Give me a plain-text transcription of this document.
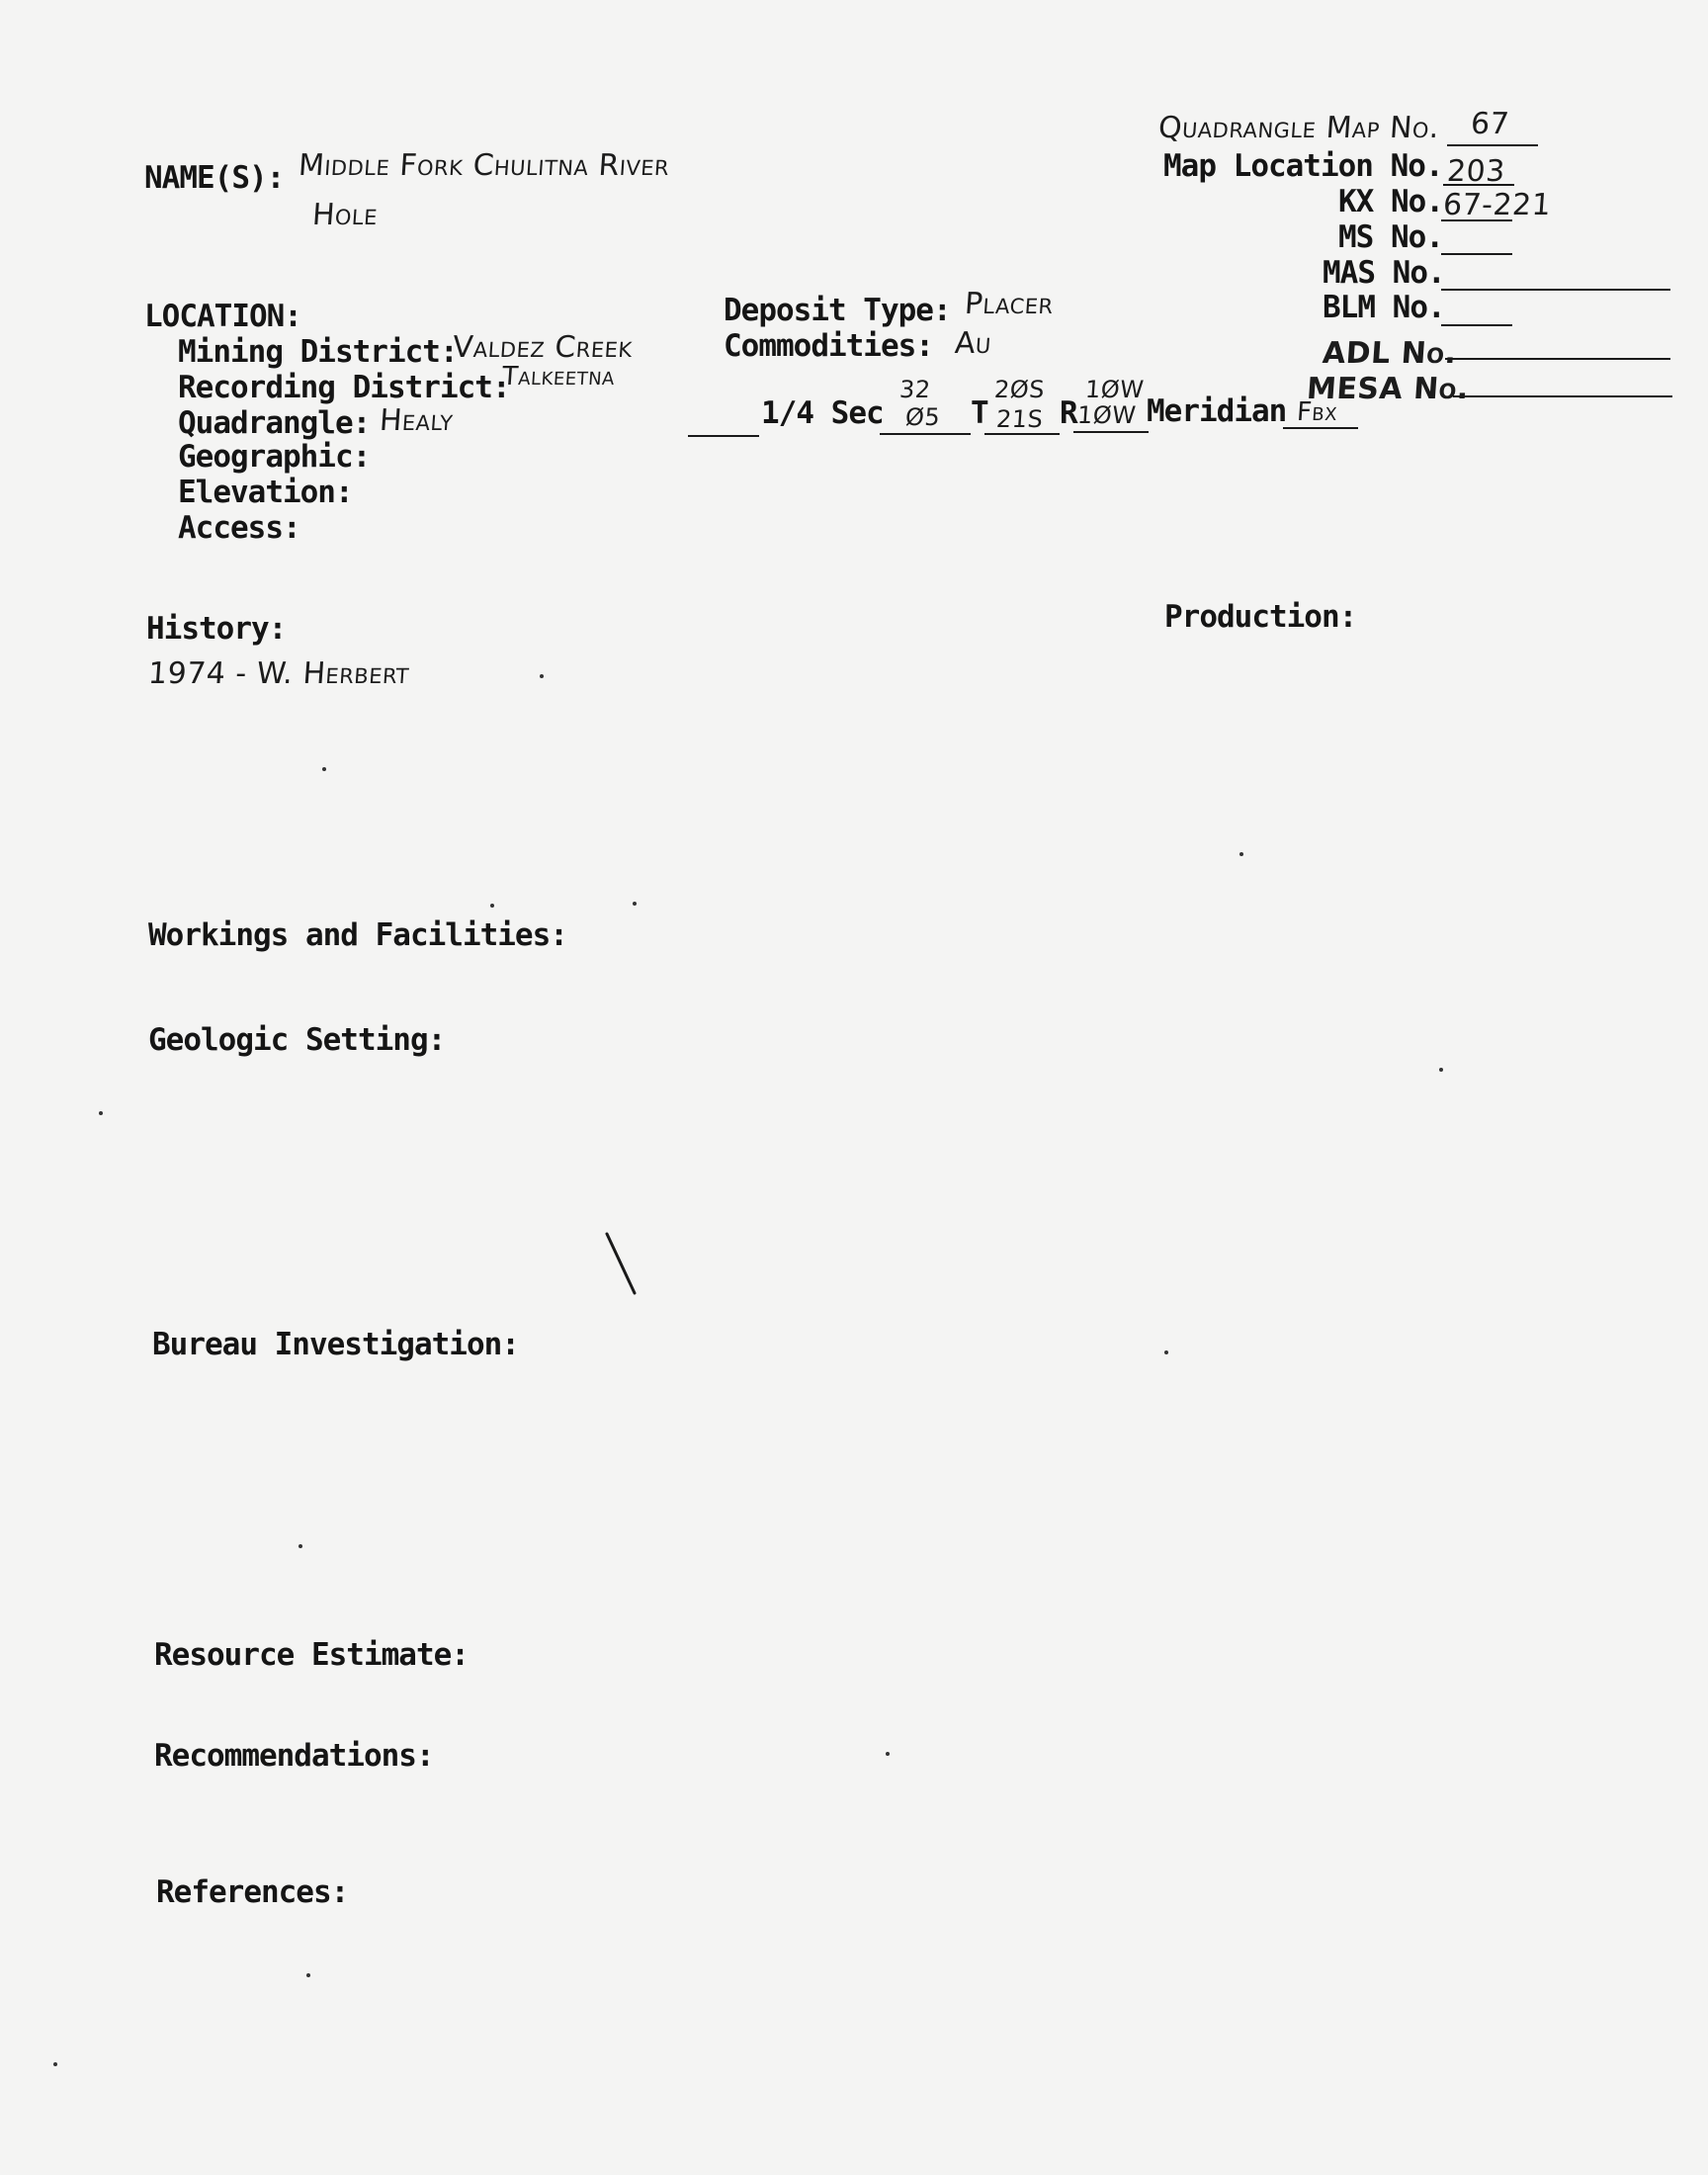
Quadrangle Map No. 67
Map Location No. 203
KX No.
67-221
MS No.
MAS No.
BLM No.
ADL No.
MESA No.
NAME(S): Middle Fork Chulitna River
Hole
LOCATION:
Mining District:
Valdez Creek
Recording District:
Talkeetna
Quadrangle: Healy
Geographic:
Elevation:
Access:
Deposit Type: Placer
Commodities: Au
1/4 Sec
32
Ø5 T
2ØS
21S R
1ØW
1ØW Meridian Fbx
History:
1974 - W. Herbert
Production:
Workings and Facilities:
Geologic Setting:
Bureau Investigation:
Resource Estimate:
Recommendations:
References:
